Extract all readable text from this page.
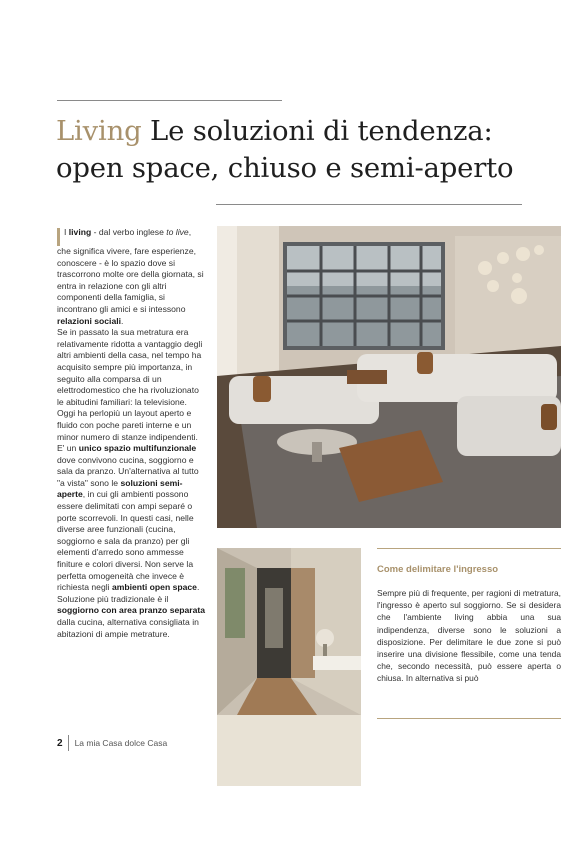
Living Le soluzioni di tendenza:
open space, chiuso e semi-aperto

I living - dal verbo inglese to live, che significa vivere, fare esperienze, conoscere - è lo spazio dove si trascorrono molte ore della giornata, si entra in relazione con gli altri componenti della famiglia, si incontrano gli amici e si intessono relazioni sociali.

Se in passato la sua metratura era relativamente ridotta a vantaggio degli altri ambienti della casa, nel tempo ha acquisito sempre più importanza, in seguito alla comparsa di un elettrodomestico che ha rivoluzionato le abitudini familiari: la televisione. Oggi ha perlopiù un layout aperto e fluido con poche pareti interne e un minor numero di stanze indipendenti. E' un unico spazio multifunzionale dove convivono cucina, soggiorno e sala da pranzo. Un'alternativa al tutto "a vista" sono le soluzioni semi-aperte, in cui gli ambienti possono essere delimitati con ampi separé o porte scorrevoli. In questi casi, nelle diverse aree funzionali (cucina, soggiorno e sala da pranzo) per gli elementi d'arredo sono ammesse finiture e colori diversi. Non serve la perfetta omogeneità che invece è richiesta negli ambienti open space. Soluzione più tradizionale è il soggiorno con area pranzo separata dalla cucina, alternativa consigliata in abitazioni di ampie metrature.

Come delimitare l'ingresso

Sempre più di frequente, per ragioni di metratura, l'ingresso è aperto sul soggiorno. Se si desidera che l'ambiente living abbia una sua indipendenza, diverse sono le soluzioni a disposizione. Per delimitare le due zone si può inserire una divisione flessibile, come una tenda che, secondo necessità, può essere aperta o chiusa. In alternativa si può

2 La mia Casa dolce Casa
